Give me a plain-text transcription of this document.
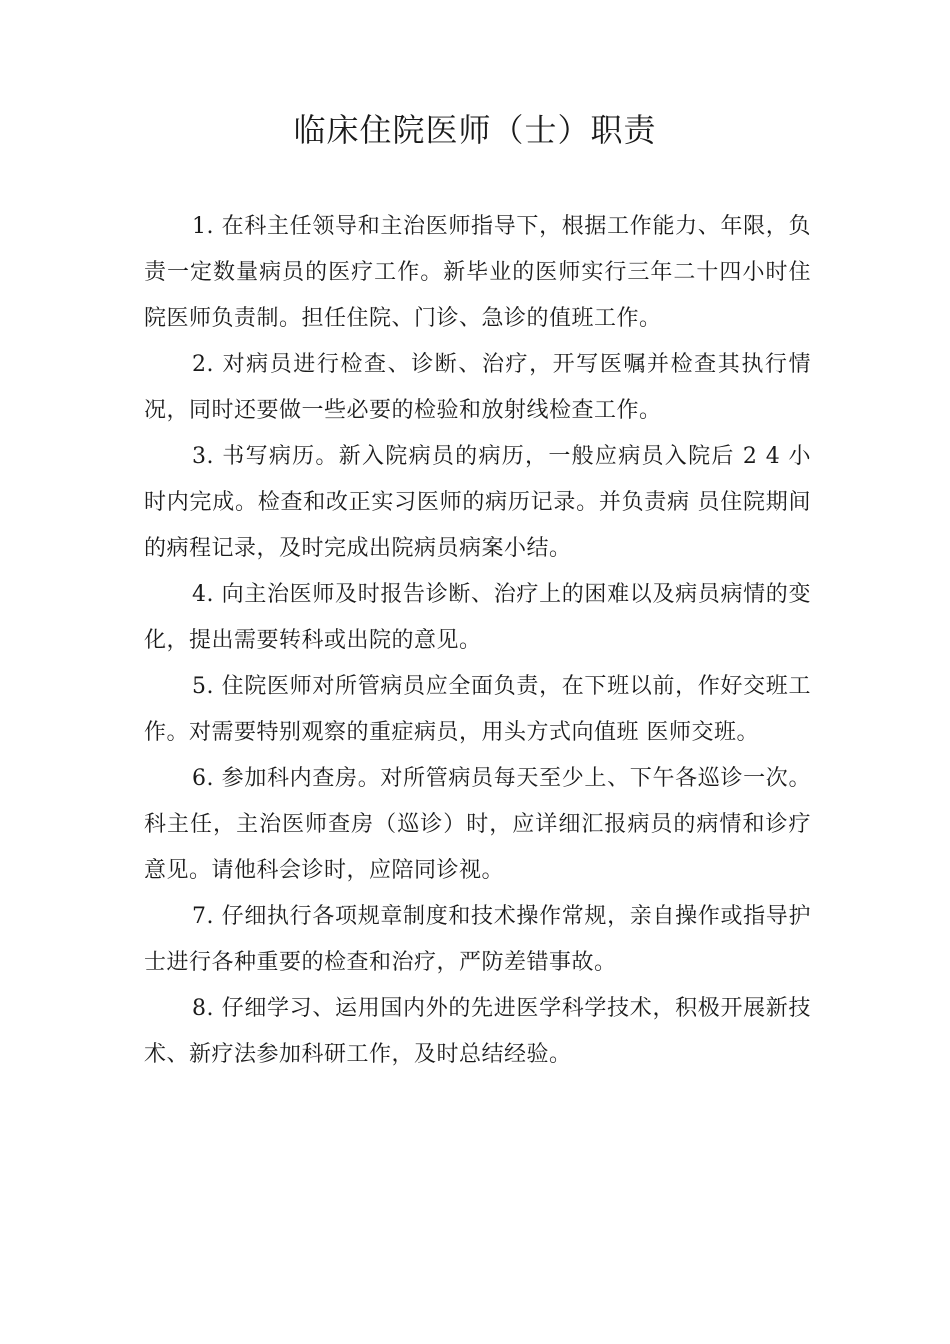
临床住院医师（士）职责

1. 在科主任领导和主治医师指导下，根据工作能力、年限，负责一定数量病员的医疗工作。新毕业的医师实行三年二十四小时住院医师负责制。担任住院、门诊、急诊的值班工作。

2. 对病员进行检查、诊断、治疗，开写医嘱并检查其执行情况，同时还要做一些必要的检验和放射线检查工作。

3. 书写病历。新入院病员的病历，一般应病员入院后 2 4 小时内完成。检查和改正实习医师的病历记录。并负责病 员住院期间的病程记录，及时完成出院病员病案小结。

4. 向主治医师及时报告诊断、治疗上的困难以及病员病情的变化，提出需要转科或出院的意见。

5. 住院医师对所管病员应全面负责，在下班以前，作好交班工作。对需要特别观察的重症病员，用头方式向值班 医师交班。

6. 参加科内查房。对所管病员每天至少上、下午各巡诊一次。科主任，主治医师查房（巡诊）时，应详细汇报病员的病情和诊疗意见。请他科会诊时，应陪同诊视。

7. 仔细执行各项规章制度和技术操作常规，亲自操作或指导护士进行各种重要的检查和治疗，严防差错事故。

8. 仔细学习、运用国内外的先进医学科学技术，积极开展新技术、新疗法参加科研工作，及时总结经验。
